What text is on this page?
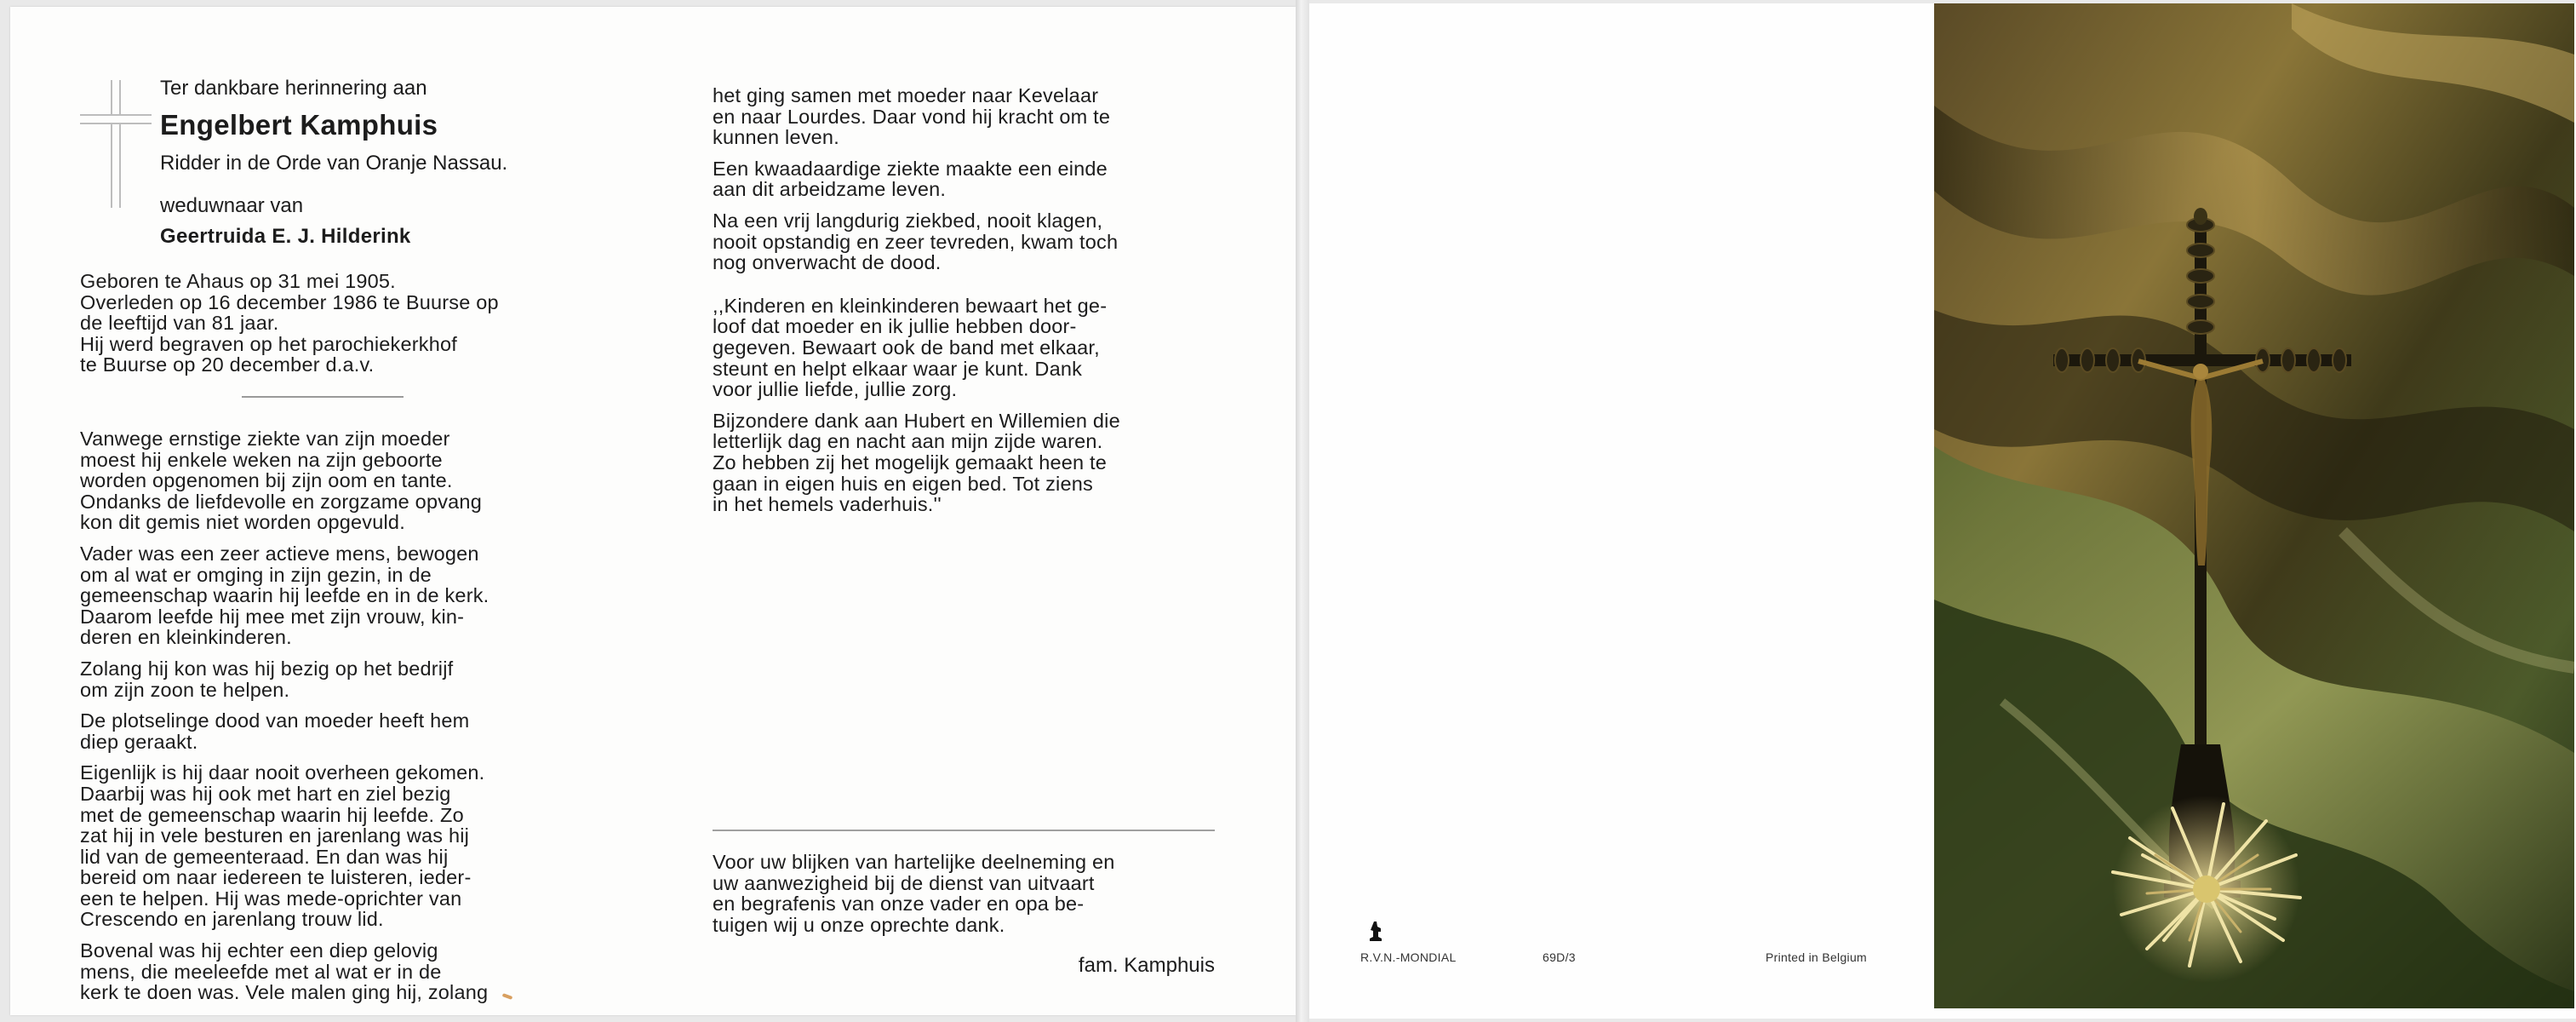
Ter dankbare herinnering aan

Engelbert Kamphuis

Ridder in de Orde van Oranje Nassau.

weduwnaar van

Geertruida E. J. Hilderink

Geboren te Ahaus op 31 mei 1905.
Overleden op 16 december 1986 te Buurse op
de leeftijd van 81 jaar.
Hij werd begraven op het parochiekerkhof
te Buurse op 20 december d.a.v.

Vanwege ernstige ziekte van zijn moeder
moest hij enkele weken na zijn geboorte
worden opgenomen bij zijn oom en tante.
Ondanks de liefdevolle en zorgzame opvang
kon dit gemis niet worden opgevuld.

Vader was een zeer actieve mens, bewogen
om al wat er omging in zijn gezin, in de
gemeenschap waarin hij leefde en in de kerk.
Daarom leefde hij mee met zijn vrouw, kin-
deren en kleinkinderen.

Zolang hij kon was hij bezig op het bedrijf
om zijn zoon te helpen.

De plotselinge dood van moeder heeft hem
diep geraakt.

Eigenlijk is hij daar nooit overheen gekomen.
Daarbij was hij ook met hart en ziel bezig
met de gemeenschap waarin hij leefde. Zo
zat hij in vele besturen en jarenlang was hij
lid van de gemeenteraad. En dan was hij
bereid om naar iedereen te luisteren, ieder-
een te helpen. Hij was mede-oprichter van
Crescendo en jarenlang trouw lid.

Bovenal was hij echter een diep gelovig
mens, die meeleefde met al wat er in de
kerk te doen was. Vele malen ging hij, zolang

het ging samen met moeder naar Kevelaar
en naar Lourdes. Daar vond hij kracht om te
kunnen leven.

Een kwaadaardige ziekte maakte een einde
aan dit arbeidzame leven.

Na een vrij langdurig ziekbed, nooit klagen,
nooit opstandig en zeer tevreden, kwam toch
nog onverwacht de dood.

,,Kinderen en kleinkinderen bewaart het ge-
loof dat moeder en ik jullie hebben door-
gegeven. Bewaart ook de band met elkaar,
steunt en helpt elkaar waar je kunt. Dank
voor jullie liefde, jullie zorg.

Bijzondere dank aan Hubert en Willemien die
letterlijk dag en nacht aan mijn zijde waren.
Zo hebben zij het mogelijk gemaakt heen te
gaan in eigen huis en eigen bed. Tot ziens
in het hemels vaderhuis.''

Voor uw blijken van hartelijke deelneming en
uw aanwezigheid bij de dienst van uitvaart
en begrafenis van onze vader en opa be-
tuigen wij u onze oprechte dank.

fam. Kamphuis	R.V.N.-MONDIAL	69D/3	Printed in Belgium
